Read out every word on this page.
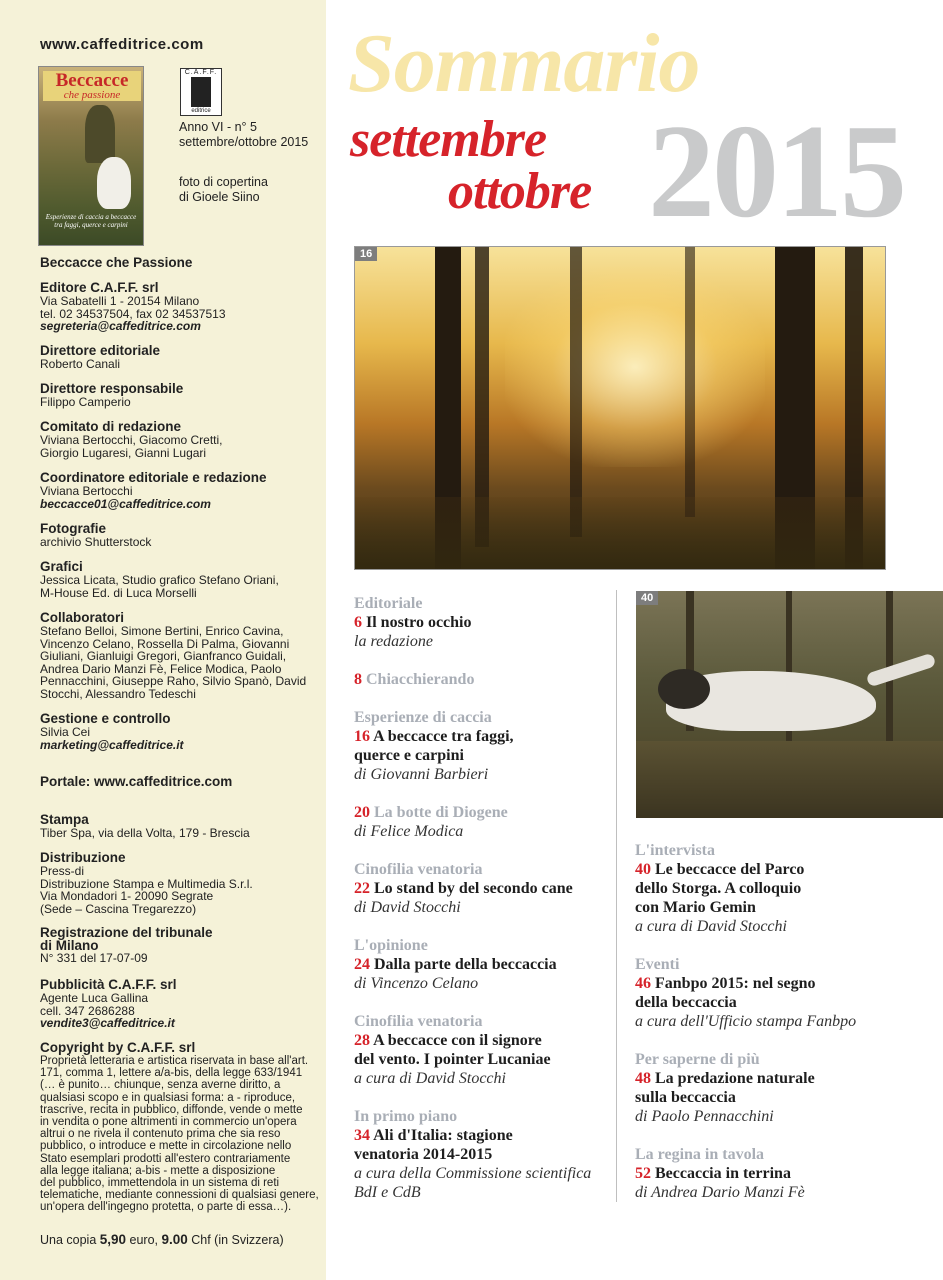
www.caffeditrice.com
Beccacce
che passione
Esperienze di caccia a beccacce tra faggi, querce e carpini
C.A.F.F.
editrice
Anno VI - n° 5
settembre/ottobre 2015
foto di copertina
di Gioele Siino
Beccacce che Passione
Editore C.A.F.F. srl
Via Sabatelli 1 - 20154 Milano
tel. 02 34537504, fax 02 34537513
segreteria@caffeditrice.com
Direttore editoriale
Roberto Canali
Direttore responsabile
Filippo Camperio
Comitato di redazione
Viviana Bertocchi, Giacomo Cretti,
Giorgio Lugaresi, Gianni Lugari
Coordinatore editoriale e redazione
Viviana Bertocchi
beccacce01@caffeditrice.com
Fotografie
archivio Shutterstock
Grafici
Jessica Licata, Studio grafico Stefano Oriani,
M-House Ed. di Luca Morselli
Collaboratori
Stefano Belloi, Simone Bertini, Enrico Cavina,
Vincenzo Celano, Rossella Di Palma, Giovanni
Giuliani, Gianluigi Gregori, Gianfranco Guidali,
Andrea Dario Manzi Fè, Felice Modica, Paolo
Pennacchini, Giuseppe Raho, Silvio Spanò, David
Stocchi, Alessandro Tedeschi
Gestione e controllo
Silvia Cei
marketing@caffeditrice.it
Portale: www.caffeditrice.com
Stampa
Tiber Spa, via della Volta, 179 - Brescia
Distribuzione
Press-di
Distribuzione Stampa e Multimedia S.r.l.
Via Mondadori 1- 20090 Segrate
(Sede – Cascina Tregarezzo)
Registrazione del tribunale
di Milano
N° 331 del 17-07-09
Pubblicità C.A.F.F. srl
Agente Luca Gallina
cell. 347 2686288
vendite3@caffeditrice.it
Copyright by C.A.F.F. srl
Proprietà letteraria e artistica riservata in base all'art.
171, comma 1, lettere a/a-bis, della legge 633/1941
(… è punito… chiunque, senza averne diritto, a
qualsiasi scopo e in qualsiasi forma: a - riproduce,
trascrive, recita in pubblico, diffonde, vende o mette
in vendita o pone altrimenti in commercio un'opera
altrui o ne rivela il contenuto prima che sia reso
pubblico, o introduce e mette in circolazione nello
Stato esemplari prodotti all'estero contrariamente
alla legge italiana; a-bis - mette a disposizione
del pubblico, immettendola in un sistema di reti
telematiche, mediante connessioni di qualsiasi genere,
un'opera dell'ingegno protetta, o parte di essa…).
Una copia 5,90 euro, 9.00 Chf (in Svizzera)
Sommario
2015
settembre
ottobre
16
40
Editoriale
6 Il nostro occhio
la redazione
8 Chiacchierando
Esperienze di caccia
16 A beccacce tra faggi,
querce e carpini
di Giovanni Barbieri
20 La botte di Diogene
di Felice Modica
Cinofilia venatoria
22 Lo stand by del secondo cane
di David Stocchi
L'opinione
24 Dalla parte della beccaccia
di Vincenzo Celano
Cinofilia venatoria
28 A beccacce con il signore
del vento. I pointer Lucaniae
a cura di David Stocchi
In primo piano
34 Ali d'Italia: stagione
venatoria 2014-2015
a cura della Commissione scientifica
BdI e CdB
L'intervista
40 Le beccacce del Parco
dello Storga. A colloquio
con Mario Gemin
a cura di David Stocchi
Eventi
46 Fanbpo 2015: nel segno
della beccaccia
a cura dell'Ufficio stampa Fanbpo
Per saperne di più
48 La predazione naturale
sulla beccaccia
di Paolo Pennacchini
La regina in tavola
52 Beccaccia in terrina
di Andrea Dario Manzi Fè
